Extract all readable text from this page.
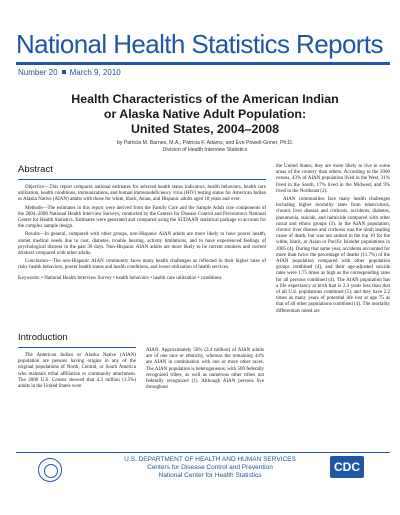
National Health Statistics Reports
Number 20 March 9, 2010
Health Characteristics of the American Indian
or Alaska Native Adult Population:
United States, 2004–2008
by Patricia M. Barnes, M.A., Patricia F. Adams, and Eve Powell-Griner, Ph.D.
Division of Health Interview Statistics
Abstract

Objective—This report compares national estimates for selected health status indicators, health behaviors, health care utilization, health conditions, immunizations, and human immunodeficiency virus (HIV) testing status for American Indian or Alaska Native (AIAN) adults with those for white, black, Asian, and Hispanic adults aged 18 years and over.

Methods—The estimates in this report were derived from the Family Core and the Sample Adult core components of the 2004–2008 National Health Interview Surveys, conducted by the Centers for Disease Control and Prevention's National Center for Health Statistics. Estimates were generated and compared using the SUDAAN statistical package to account for the complex sample design.

Results—In general, compared with other groups, non-Hispanic AIAN adults are more likely to have poorer health, unmet medical needs due to cost, diabetes, trouble hearing, activity limitations, and to have experienced feelings of psychological distress in the past 30 days. Non-Hispanic AIAN adults are more likely to be current smokers and current drinkers compared with other adults.

Conclusion—The non-Hispanic AIAN community faces many health challenges as reflected in their higher rates of risky health behaviors, poorer health status and health conditions, and lower utilization of health services.

Keywords: • National Health Interview Survey • health behaviors • health care utilization • conditions

Introduction

The American Indian or Alaska Native (AIAN) population are persons having origins in any of the original populations of North, Central, or South America who maintain tribal affiliation or community attachment. The 2000 U.S. Census showed that 4.3 million (1.5%) adults in the United States were

AIAN. Approximately 56% (2.4 million) of AIAN adults are of one race or ethnicity, whereas the remaining 44% are AIAN in combination with one or more other races. The AIAN population is heterogeneous, with 569 federally recognized tribes, as well as numerous other tribes not federally recognized (1). Although AIAN persons live throughout

the United States, they are more likely to live in some areas of the country than others. According to the 2000 census, 43% of AIAN population lived in the West, 31% lived in the South, 17% lived in the Midwest, and 9% lived in the Northeast (2).

AIAN communities face many health challenges including higher mortality rates from tuberculosis, chronic liver disease and cirrhosis, accidents, diabetes, pneumonia, suicide, and homicide compared with other racial and ethnic groups (3). In the AIAN population, chronic liver disease and cirrhosis was the ninth leading cause of death, but was not ranked in the top 10 for the white, black, or Asian or Pacific Islander populations in 2005 (4). During that same year, accidents accounted for more than twice the percentage of deaths (11.7%) of the AIAN population compared with other population groups combined (4), and their age-adjusted suicide rates were 1.75 times as high as the corresponding rates for all persons combined (4). The AIAN population has a life expectancy at birth that is 2.4 years less than that of all U.S. populations combined (5), and they have 2.2 times as many years of potential life lost at age 75 as that of all other populations combined (4). The mortality differentials noted are

U.S. DEPARTMENT OF HEALTH AND HUMAN SERVICES
Centers for Disease Control and Prevention
National Center for Health Statistics
CDC
